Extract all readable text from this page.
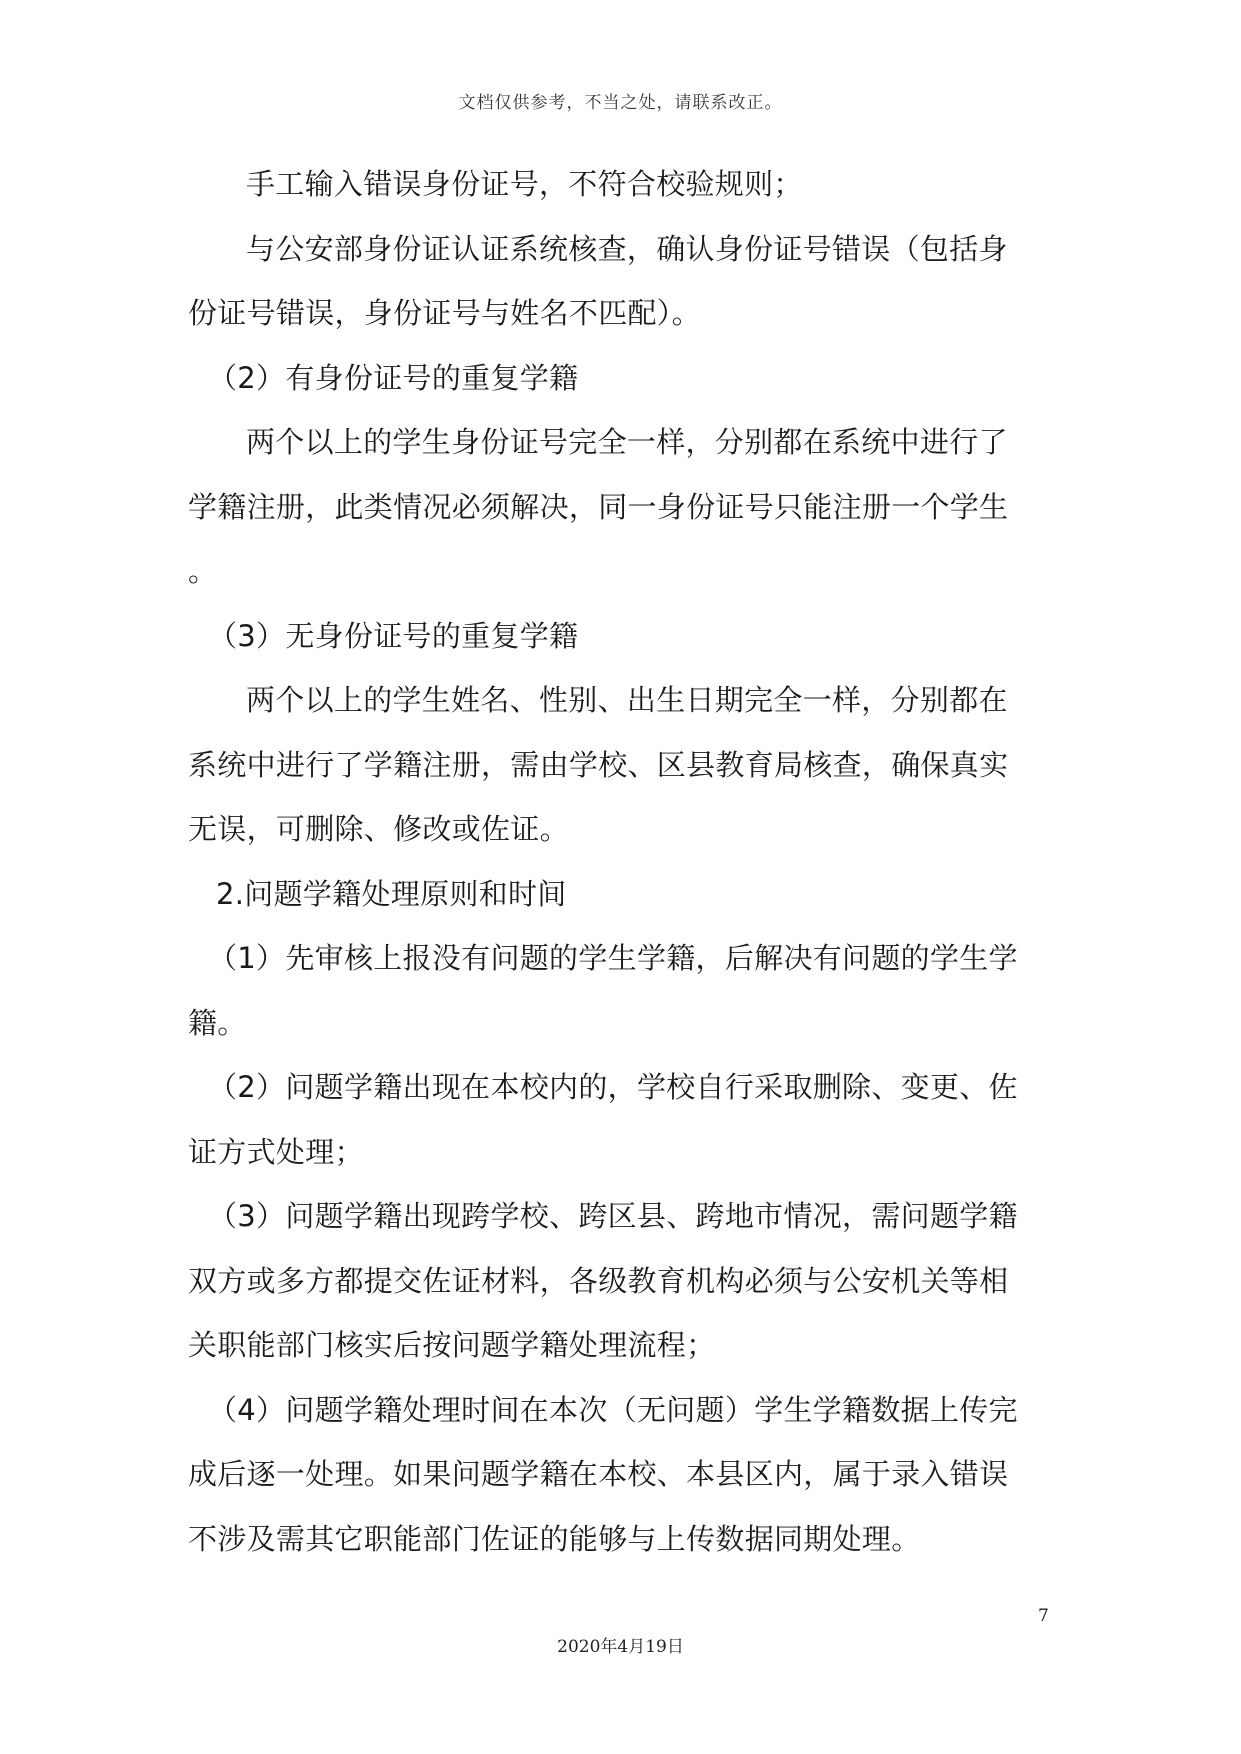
文档仅供参考，不当之处，请联系改正。
手工输入错误身份证号，不符合校验规则；
与公安部身份证认证系统核查，确认身份证号错误（包括身
份证号错误，身份证号与姓名不匹配）。
（2）有身份证号的重复学籍
两个以上的学生身份证号完全一样，分别都在系统中进行了
学籍注册，此类情况必须解决，同一身份证号只能注册一个学生
。
（3）无身份证号的重复学籍
两个以上的学生姓名、性别、出生日期完全一样，分别都在
系统中进行了学籍注册，需由学校、区县教育局核查，确保真实
无误，可删除、修改或佐证。
2.问题学籍处理原则和时间
（1）先审核上报没有问题的学生学籍，后解决有问题的学生学
籍。
（2）问题学籍出现在本校内的，学校自行采取删除、变更、佐
证方式处理；
（3）问题学籍出现跨学校、跨区县、跨地市情况，需问题学籍
双方或多方都提交佐证材料，各级教育机构必须与公安机关等相
关职能部门核实后按问题学籍处理流程；
（4）问题学籍处理时间在本次（无问题）学生学籍数据上传完
成后逐一处理。如果问题学籍在本校、本县区内，属于录入错误
不涉及需其它职能部门佐证的能够与上传数据同期处理。
7
2020年4月19日
